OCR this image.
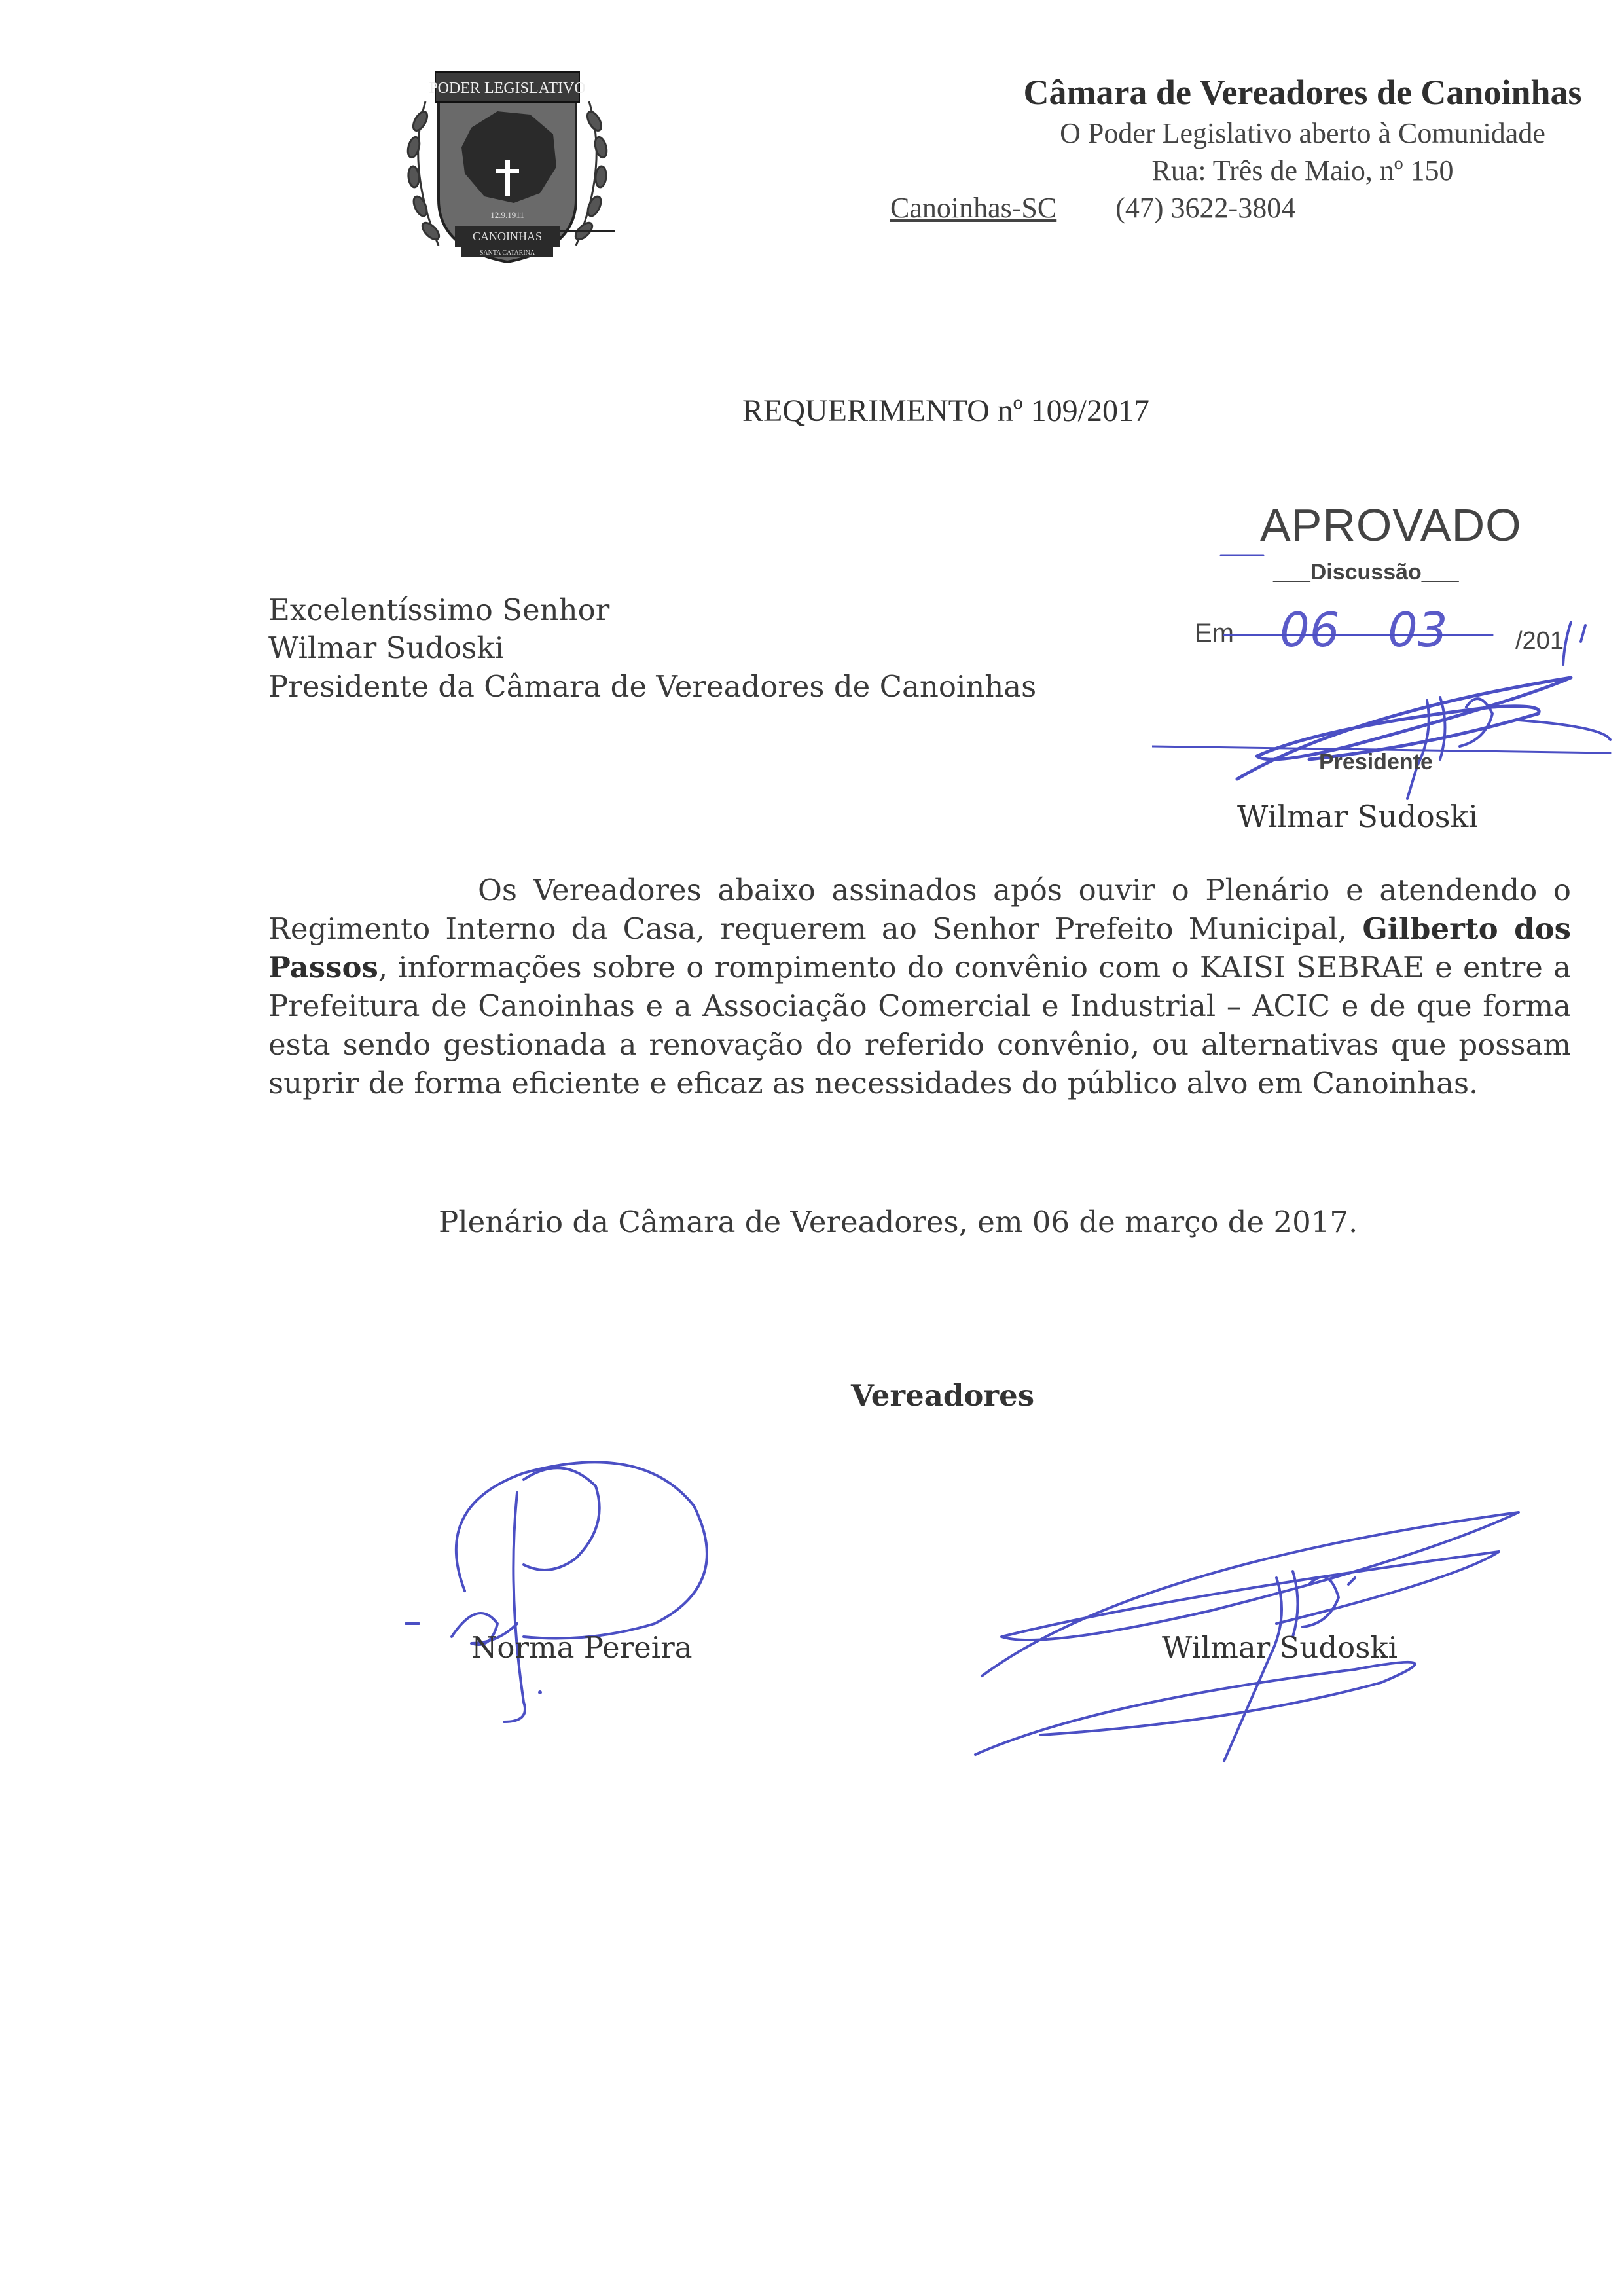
PODER LEGISLATIVO
12.9.1911
CANOINHAS
SANTA CATARINA
Câmara de Vereadores de Canoinhas
O Poder Legislativo aberto à Comunidade
Rua: Três de Maio, nº 150
Canoinhas-SC (47) 3622-3804
REQUERIMENTO nº 109/2017
APROVADO
___Discussão___
Em 06 03	/201
Presidente
Wilmar Sudoski
Excelentíssimo Senhor
Wilmar Sudoski
Presidente da Câmara de Vereadores de Canoinhas
Os Vereadores abaixo assinados após ouvir o Plenário e atendendo o Regimento Interno da Casa, requerem ao Senhor Prefeito Municipal, Gilberto dos Passos, informações sobre o rompimento do convênio com o KAISI SEBRAE e entre a Prefeitura de Canoinhas e a Associação Comercial e Industrial – ACIC e de que forma esta sendo gestionada a renovação do referido convênio, ou alternativas que possam suprir de forma eficiente e eficaz as necessidades do público alvo em Canoinhas.
Plenário da Câmara de Vereadores, em 06 de março de 2017.
Vereadores
Norma Pereira	Wilmar Sudoski
